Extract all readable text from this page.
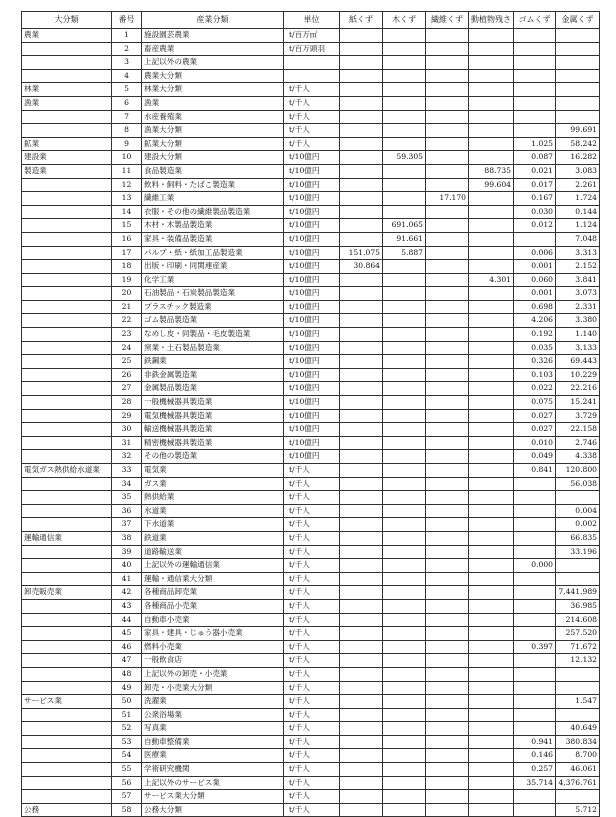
大分類	番号	産業分類	単位	紙くず	木くず	繊維くず	動植物残さ	ゴムくず	金属くず
農業	1	施設園芸農業	t/百万㎡						
	2	畜産農業	t/百万頭羽						
	3	上記以外の農業							
	4	農業大分類							
林業	5	林業大分類	t/千人						
漁業	6	漁業	t/千人						
	7	水産養殖業	t/千人						
	8	漁業大分類	t/千人						99.691
鉱業	9	鉱業大分類	t/千人					1.025	58.242
建設業	10	建設大分類	t/10億円		59.305			0.087	16.282
製造業	11	食品製造業	t/10億円				88.735	0.021	3.083
	12	飲料・飼料・たばこ製造業	t/10億円				99.604	0.017	2.261
	13	繊維工業	t/10億円			17.170		0.167	1.724
	14	衣服・その他の繊維製品製造業	t/10億円					0.030	0.144
	15	木材・木製品製造業	t/10億円		691.065			0.012	1.124
	16	家具・装備品製造業	t/10億円		91.661				7.048
	17	パルプ・紙・紙加工品製造業	t/10億円	151.075	5.887			0.006	3.313
	18	出版・印刷・同関連産業	t/10億円	30.864				0.001	2.152
	19	化学工業	t/10億円				4.301	0.060	3.841
	20	石油製品・石炭製品製造業	t/10億円					0.001	3.073
	21	プラスチック製造業	t/10億円					0.698	2.331
	22	ゴム製品製造業	t/10億円					4.206	3.380
	23	なめし皮・同製品・毛皮製造業	t/10億円					0.192	1.140
	24	窯業・土石製品製造業	t/10億円					0.035	3.133
	25	鉄鋼業	t/10億円					0.326	69.443
	26	非鉄金属製造業	t/10億円					0.103	10.229
	27	金属製品製造業	t/10億円					0.022	22.216
	28	一般機械器具製造業	t/10億円					0.075	15.241
	29	電気機械器具製造業	t/10億円					0.027	3.729
	30	輸送機械器具製造業	t/10億円					0.027	22.158
	31	精密機械器具製造業	t/10億円					0.010	2.746
	32	その他の製造業	t/10億円					0.049	4.338
電気ガス熱供給水道業	33	電気業	t/千人					0.841	120.800
	34	ガス業	t/千人						56.038
	35	熱供給業	t/千人						
	36	水道業	t/千人						0.004
	37	下水道業	t/千人						0.002
運輸通信業	38	鉄道業	t/千人						66.835
	39	道路輸送業	t/千人						33.196
	40	上記以外の運輸通信業	t/千人					0.000	
	41	運輸・通信業大分類	t/千人						
卸売販売業	42	各種商品卸売業	t/千人						7,441.989
	43	各種商品小売業	t/千人						36.985
	44	自動車小売業	t/千人						214.608
	45	家具・建具・じゅう器小売業	t/千人						257.520
	46	燃料小売業	t/千人					0.397	71.672
	47	一般飲食店	t/千人						12.132
	48	上記以外の卸売・小売業	t/千人						
	49	卸売・小売業大分類	t/千人						
サービス業	50	洗濯業	t/千人						1.547
	51	公衆浴場業	t/千人						
	52	写真業	t/千人						40.649
	53	自動車整備業	t/千人					0.941	380.834
	54	医療業	t/千人					0.146	8.700
	55	学術研究機関	t/千人					0.257	46.061
	56	上記以外のサービス業	t/千人					35.714	4,376.761
	57	サービス業大分類	t/千人						
公務	58	公務大分類	t/千人						5.712
